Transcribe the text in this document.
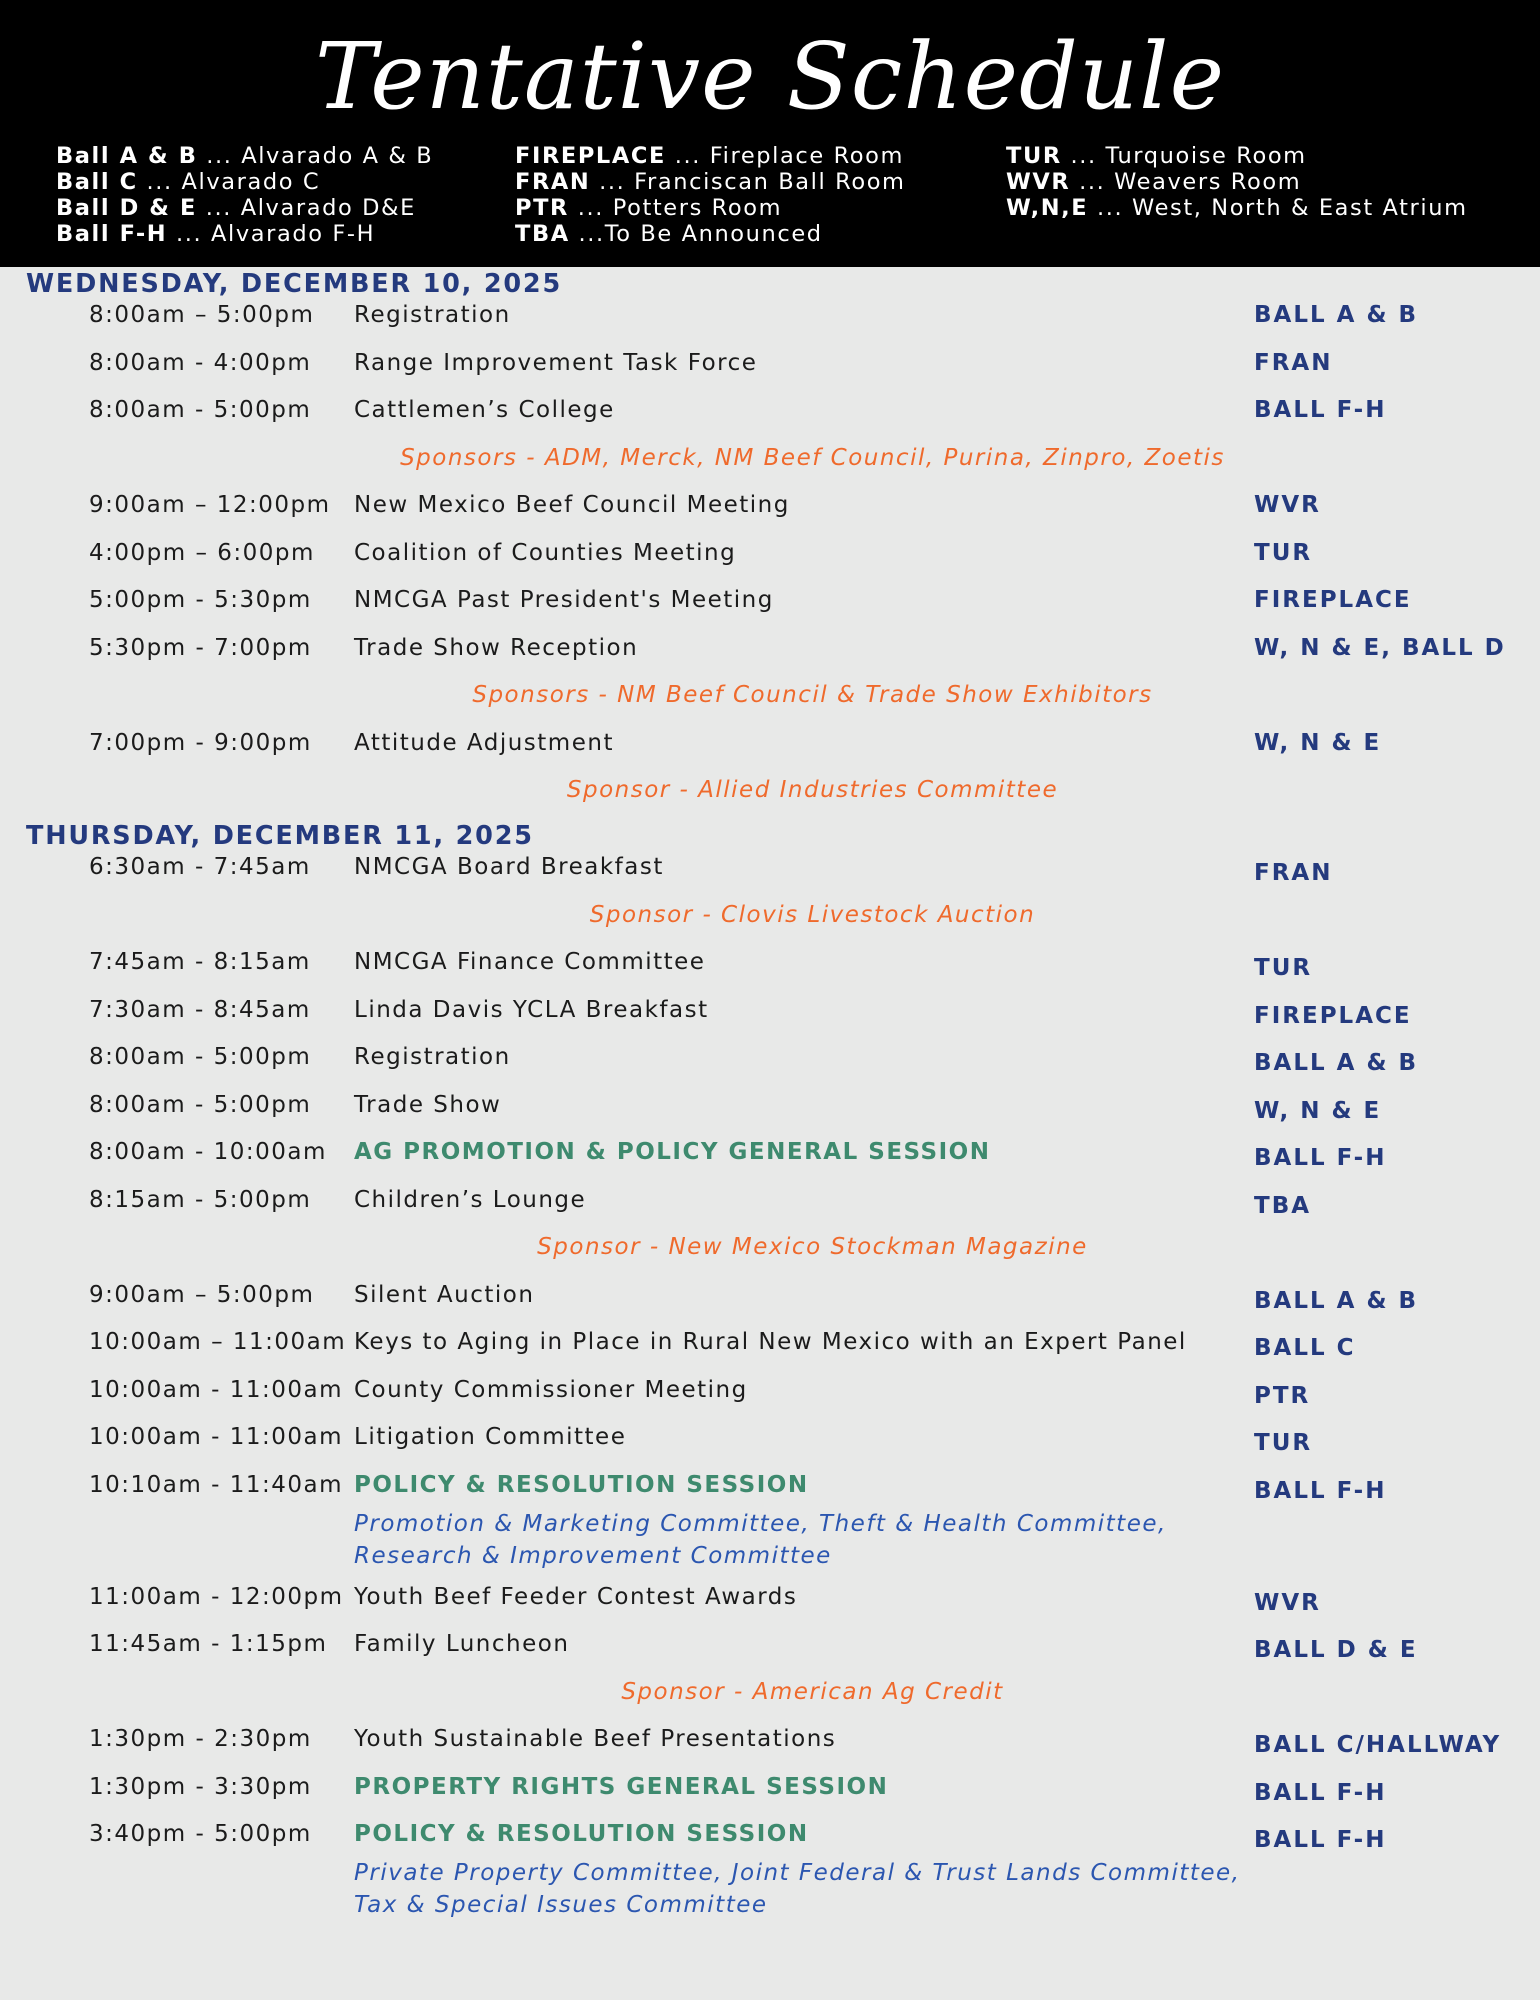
Tentative Schedule
Ball A & B ... Alvarado A & B
Ball C ... Alvarado C
Ball D & E ... Alvarado D&E
Ball F-H ... Alvarado F-H
FIREPLACE ... Fireplace Room
FRAN ... Franciscan Ball Room
PTR ... Potters Room
TBA ...To Be Announced
TUR ... Turquoise Room
WVR ... Weavers Room
W,N,E ... West, North & East Atrium
WEDNESDAY, DECEMBER 10, 2025
8:00am – 5:00pm Registration	BALL A & B
8:00am - 4:00pm Range Improvement Task Force	FRAN
8:00am - 5:00pm Cattlemen’s College	BALL F-H
Sponsors - ADM, Merck, NM Beef Council, Purina, Zinpro, Zoetis
9:00am – 12:00pm New Mexico Beef Council Meeting	WVR
4:00pm – 6:00pm Coalition of Counties Meeting	TUR
5:00pm - 5:30pm NMCGA Past President's Meeting	FIREPLACE
5:30pm - 7:00pm Trade Show Reception	W, N & E, BALL D
Sponsors - NM Beef Council & Trade Show Exhibitors
7:00pm - 9:00pm Attitude Adjustment	W, N & E
Sponsor - Allied Industries Committee
THURSDAY, DECEMBER 11, 2025
6:30am - 7:45am NMCGA Board Breakfast	FRAN
Sponsor - Clovis Livestock Auction
7:45am - 8:15am NMCGA Finance Committee	TUR
7:30am - 8:45am Linda Davis YCLA Breakfast	FIREPLACE
8:00am - 5:00pm Registration	BALL A & B
8:00am - 5:00pm Trade Show	W, N & E
8:00am - 10:00am AG PROMOTION & POLICY GENERAL SESSION	BALL F-H
8:15am - 5:00pm Children’s Lounge	TBA
Sponsor - New Mexico Stockman Magazine
9:00am – 5:00pm Silent Auction	BALL A & B
10:00am – 11:00am Keys to Aging in Place in Rural New Mexico with an Expert Panel	BALL C
10:00am - 11:00am County Commissioner Meeting	PTR
10:00am - 11:00am Litigation Committee	TUR
10:10am - 11:40am POLICY & RESOLUTION SESSION	BALL F-H
Promotion & Marketing Committee, Theft & Health Committee,
Research & Improvement Committee
11:00am - 12:00pm Youth Beef Feeder Contest Awards	WVR
11:45am - 1:15pm Family Luncheon	BALL D & E
Sponsor - American Ag Credit
1:30pm - 2:30pm Youth Sustainable Beef Presentations	BALL C/HALLWAY
1:30pm - 3:30pm PROPERTY RIGHTS GENERAL SESSION	BALL F-H
3:40pm - 5:00pm POLICY & RESOLUTION SESSION	BALL F-H
Private Property Committee, Joint Federal & Trust Lands Committee,
Tax & Special Issues Committee
